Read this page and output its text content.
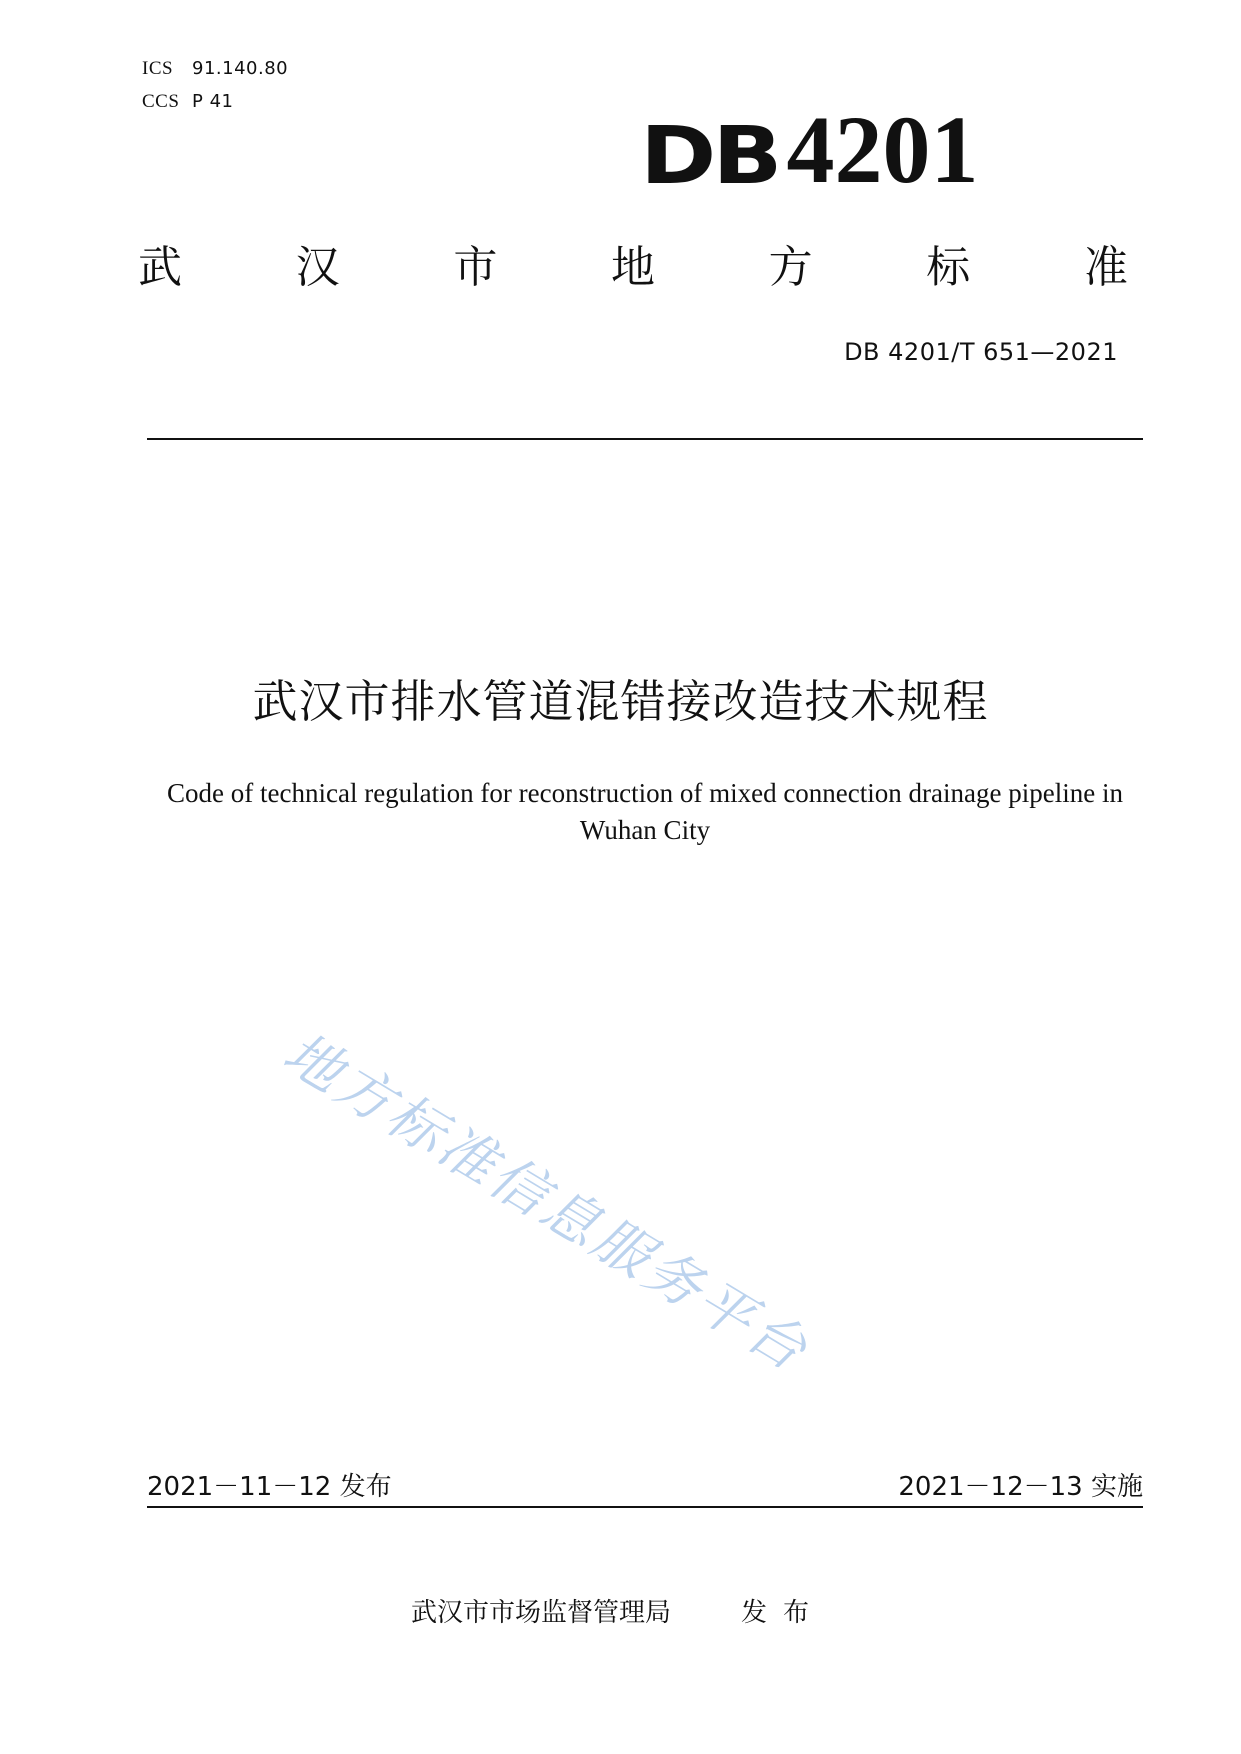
ICS 91.140.80
CCS P 41
DB4201
武	汉	市	地	方	标	准
DB 4201/T 651—2021
武汉市排水管道混错接改造技术规程
Code of technical regulation for reconstruction of mixed connection drainage pipeline in Wuhan City
地方标准信息服务平台
2021－11－12 发布	2021－12－13 实施
武汉市市场监督管理局	发布
